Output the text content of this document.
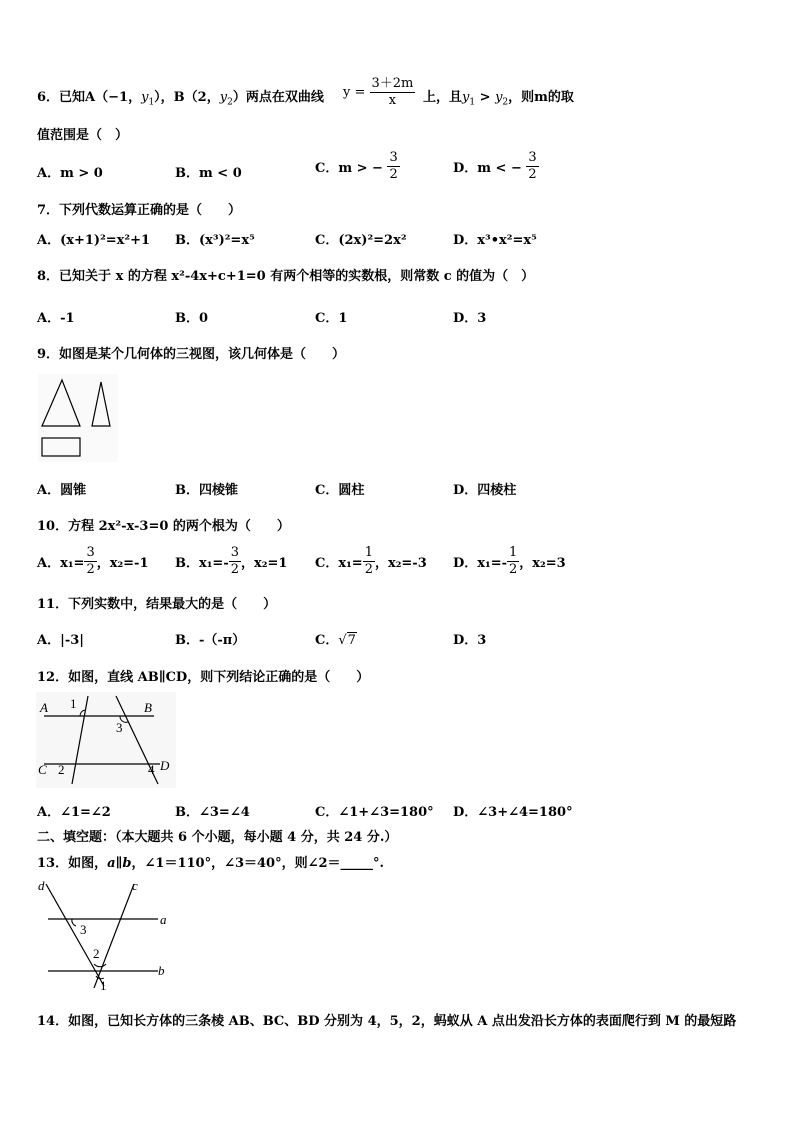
6．已知A（−1，$y_1$），B（2，$y_2$）两点在双曲线 $y = \frac{3+2m}{x}$ 上，且$y_1 > y_2$，则m的取
值范围是（　）
A．m > 0	B．m < 0	C．m > − $\frac{3}{2}$	D．m < − $\frac{3}{2}$
7．下列代数运算正确的是（　　）
A．(x+1)²=x²+1 B．(x³)²=x⁵	C．(2x)²=2x²	D．x³•x²=x⁵
8．已知关于 x 的方程 x²-4x+c+1=0 有两个相等的实数根，则常数 c 的值为（　）
A．-1	B．0	C．1	D．3
9．如图是某个几何体的三视图，该几何体是（　　）
A．圆锥	B．四棱锥	C．圆柱	D．四棱柱
10．方程 2x²-x-3=0 的两个根为（　　）
A．$x_1= \frac{3}{2}$ ，x₂=-1 B．$x_1=- \frac{3}{2}$ ，x₂=1 C．$x_1= \frac{1}{2}$ ，x₂=-3 D．$x_1=- \frac{1}{2}$ ，x₂=3
11．下列实数中，结果最大的是（　　）
A．|-3|	B．-（-π）	C．√7	D．3
12．如图，直线 AB∥CD，则下列结论正确的是（　　）
A	B
C	D
1
2
3
4
A．∠1=∠2	B．∠3=∠4	C．∠1+∠3=180° D．∠3+∠4=180°
二、填空题：（本大题共 6 个小题，每小题 4 分，共 24 分.）
13．如图，a∥b，∠1＝110°，∠3＝40°，则∠2＝_____°.
d	c
a
b
3
2
1
14．如图，已知长方体的三条棱 AB、BC、BD 分别为 4，5，2，蚂蚁从 A 点出发沿长方体的表面爬行到 M 的最短路
